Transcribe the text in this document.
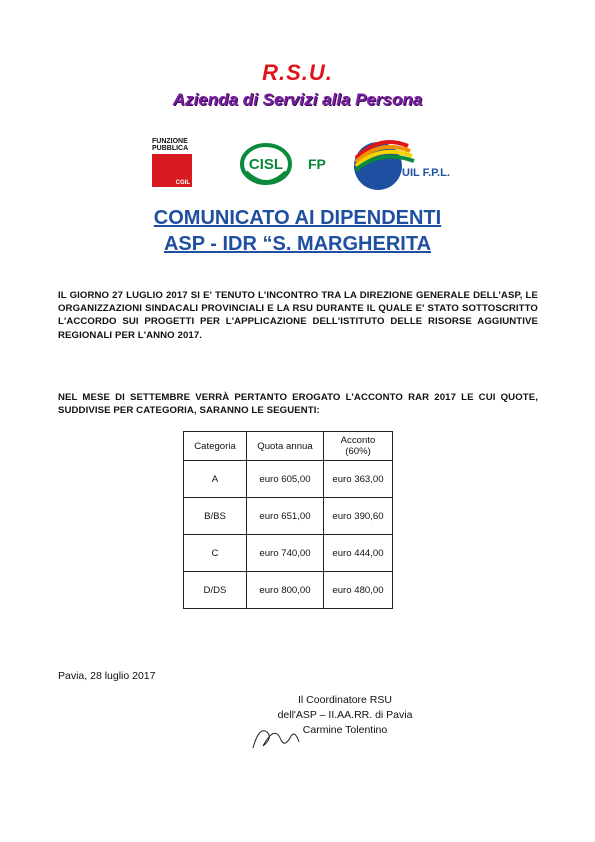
R.S.U.
Azienda di Servizi alla Persona
FUNZIONE
PUBBLICA
CGIL
CISL FP
UIL F.P.L.
COMUNICATO AI DIPENDENTI
ASP - IDR “S. MARGHERITA
IL GIORNO 27 LUGLIO 2017 SI E' TENUTO L'INCONTRO TRA LA DIREZIONE GENERALE DELL'ASP, LE ORGANIZZAZIONI SINDACALI PROVINCIALI E LA RSU DURANTE IL QUALE E' STATO SOTTOSCRITTO L'ACCORDO SUI PROGETTI PER L'APPLICAZIONE DELL'ISTITUTO DELLE RISORSE AGGIUNTIVE REGIONALI PER L'ANNO 2017.
NEL MESE DI SETTEMBRE VERRÀ PERTANTO EROGATO L'ACCONTO RAR 2017 LE CUI QUOTE, SUDDIVISE PER CATEGORIA, SARANNO LE SEGUENTI:
Categoria	Quota annua	Acconto (60%)
A	euro 605,00	euro 363,00
B/BS	euro 651,00	euro 390,60
C	euro 740,00	euro 444,00
D/DS	euro 800,00	euro 480,00
Pavia, 28 luglio 2017
Il Coordinatore RSU
dell'ASP – II.AA.RR. di Pavia
Carmine Tolentino
